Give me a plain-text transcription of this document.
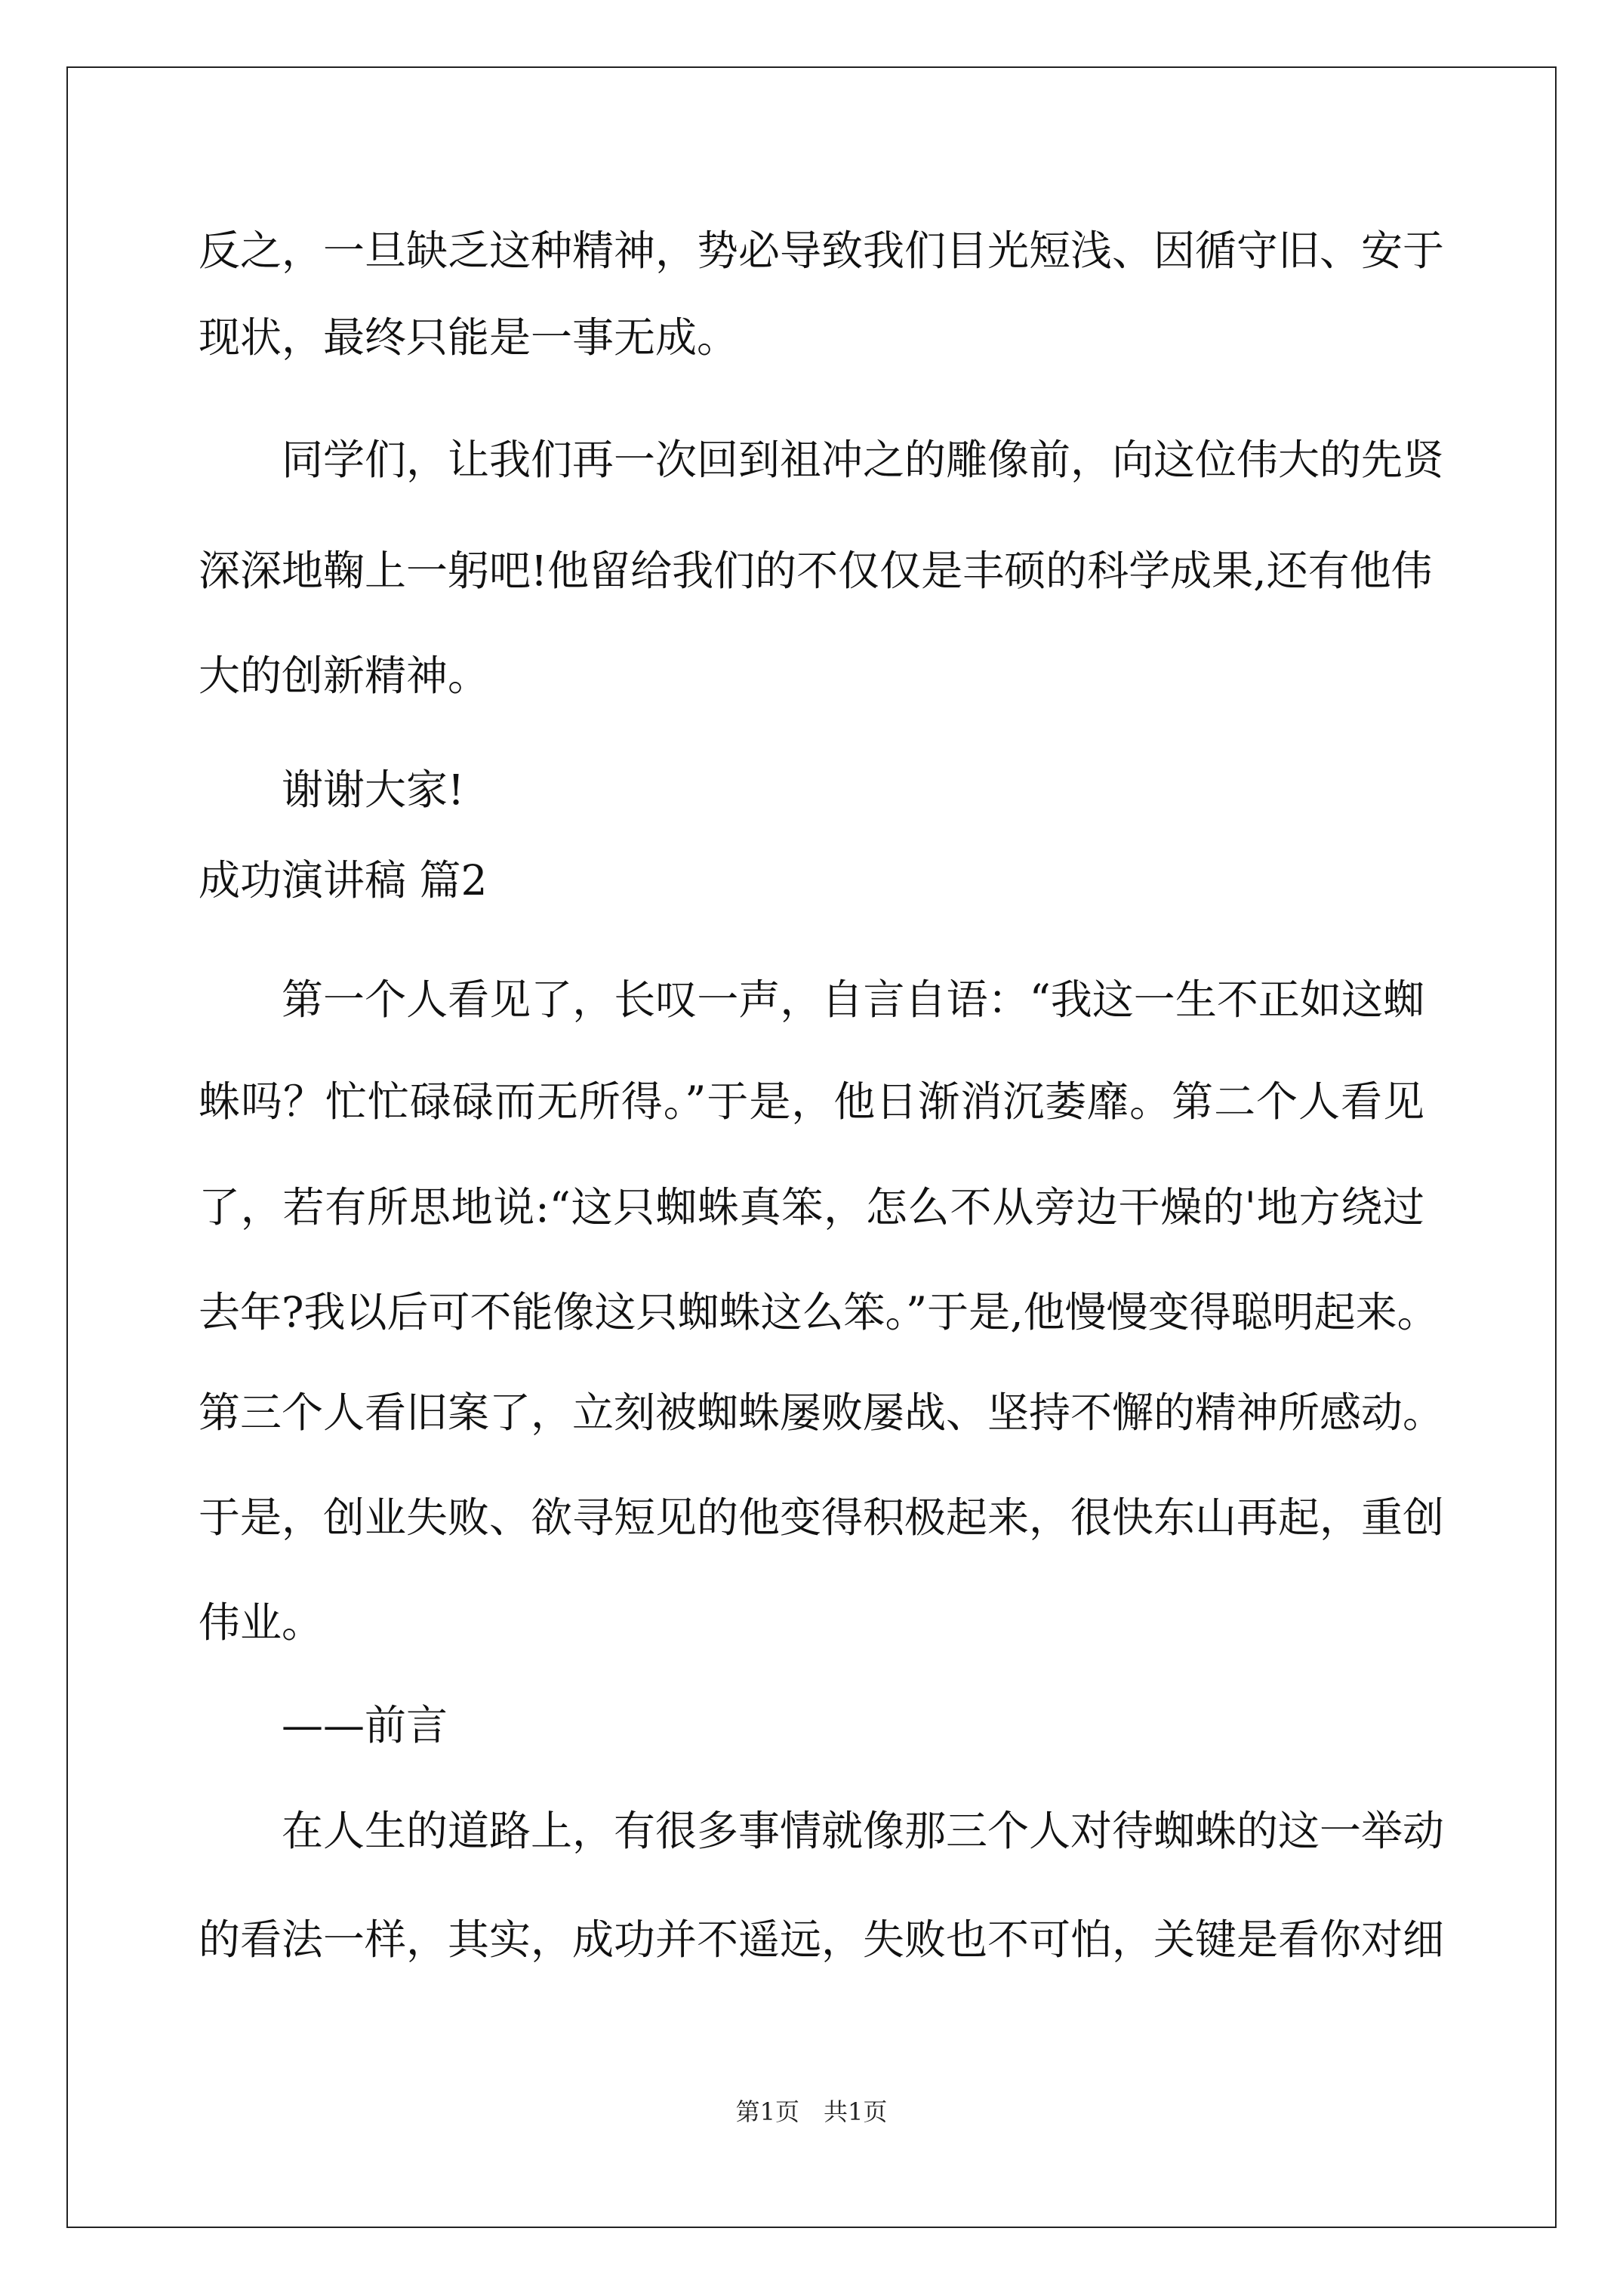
反之，一旦缺乏这种精神，势必导致我们目光短浅、因循守旧、安于
现状，最终只能是一事无成。
同学们，让我们再一次回到祖冲之的雕像前，向这位伟大的先贤
深深地鞠上一躬吧!他留给我们的不仅仅是丰硕的科学成果,还有他伟
大的创新精神。
谢谢大家!
成功演讲稿 篇2
第一个人看见了，长叹一声，自言自语：“我这一生不正如这蜘
蛛吗？忙忙碌碌而无所得。”于是，他日渐消沉萎靡。第二个人看见
了，若有所思地说:“这只蜘蛛真笨，怎么不从旁边干燥的'地方绕过
去年?我以后可不能像这只蜘蛛这么笨。”于是,他慢慢变得聪明起来。
第三个人看旧案了，立刻被蜘蛛屡败屡战、坚持不懈的精神所感动。
于是，创业失败、欲寻短见的他变得积极起来，很快东山再起，重创
伟业。
——前言
在人生的道路上，有很多事情就像那三个人对待蜘蛛的这一举动
的看法一样，其实，成功并不遥远，失败也不可怕，关键是看你对细
第1页　共1页
